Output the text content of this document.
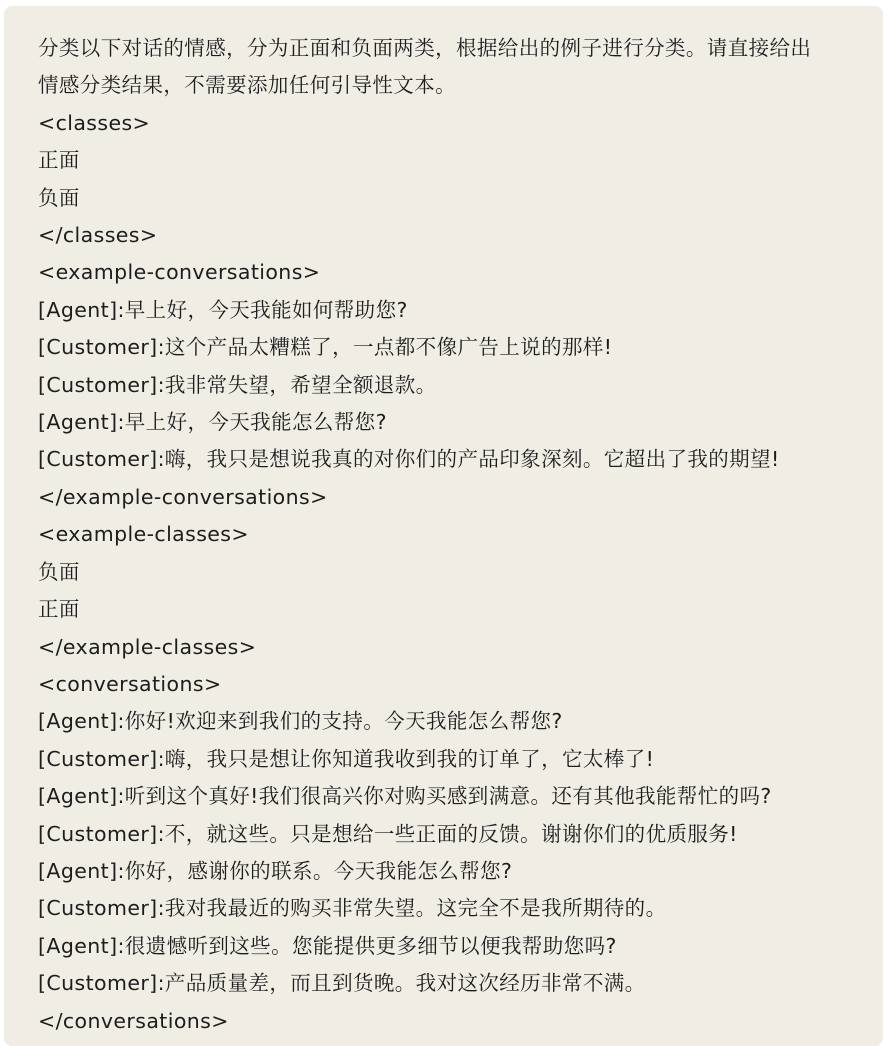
分类以下对话的情感，分为正面和负面两类，根据给出的例子进行分类。请直接给出
情感分类结果，不需要添加任何引导性文本。
<classes>
正面
负面
</classes>
<example-conversations>
[Agent]:早上好，今天我能如何帮助您?
[Customer]:这个产品太糟糕了，一点都不像广告上说的那样!
[Customer]:我非常失望，希望全额退款。
[Agent]:早上好，今天我能怎么帮您?
[Customer]:嗨，我只是想说我真的对你们的产品印象深刻。它超出了我的期望!
</example-conversations>
<example-classes>
负面
正面
</example-classes>
<conversations>
[Agent]:你好!欢迎来到我们的支持。今天我能怎么帮您?
[Customer]:嗨，我只是想让你知道我收到我的订单了，它太棒了!
[Agent]:听到这个真好!我们很高兴你对购买感到满意。还有其他我能帮忙的吗?
[Customer]:不，就这些。只是想给一些正面的反馈。谢谢你们的优质服务!
[Agent]:你好，感谢你的联系。今天我能怎么帮您?
[Customer]:我对我最近的购买非常失望。这完全不是我所期待的。
[Agent]:很遗憾听到这些。您能提供更多细节以便我帮助您吗?
[Customer]:产品质量差，而且到货晚。我对这次经历非常不满。
</conversations>
